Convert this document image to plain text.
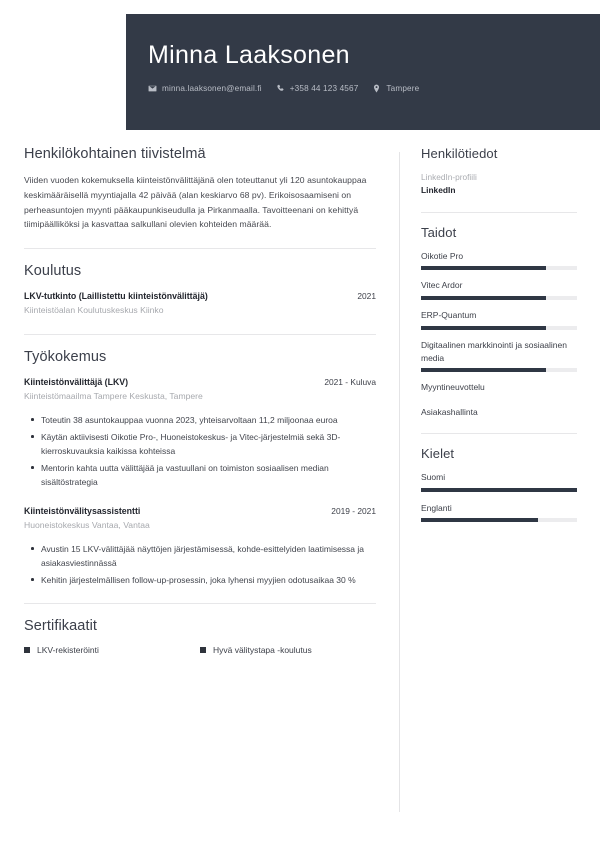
Minna Laaksonen
minna.laaksonen@email.fi	+358 44 123 4567	Tampere
Henkilökohtainen tiivistelmä

Viiden vuoden kokemuksella kiinteistönvälittäjänä olen toteuttanut yli 120 asuntokauppaa keskimääräisellä myyntiajalla 42 päivää (alan keskiarvo 68 pv). Erikoisosaamiseni on perheasuntojen myynti pääkaupunkiseudulla ja Pirkanmaalla. Tavoitteenani on kehittyä tiimipäälliköksi ja kasvattaa salkullani olevien kohteiden määrää.

Koulutus
LKV-tutkinto (Laillistettu kiinteistönvälittäjä)	2021
Kiinteistöalan Koulutuskeskus Kiinko
Työkokemus
Kiinteistönvälittäjä (LKV)	2021 - Kuluva
Kiinteistömaailma Tampere Keskusta, Tampere
Toteutin 38 asuntokauppaa vuonna 2023, yhteisarvoltaan 11,2 miljoonaa euroa
Käytän aktiivisesti Oikotie Pro-, Huoneistokeskus- ja Vitec-järjestelmiä sekä 3D-kierroskuvauksia kaikissa kohteissa
Mentorin kahta uutta välittäjää ja vastuullani on toimiston sosiaalisen median sisältöstrategia
Kiinteistönvälitysassistentti	2019 - 2021
Huoneistokeskus Vantaa, Vantaa
Avustin 15 LKV-välittäjää näyttöjen järjestämisessä, kohde-esittelyiden laatimisessa ja asiakasviestinnässä
Kehitin järjestelmällisen follow-up-prosessin, joka lyhensi myyjien odotusaikaa 30 %
Sertifikaatit
LKV-rekisteröinti	Hyvä välitystapa -koulutus
Henkilötiedot
LinkedIn-profiili
LinkedIn
Taidot
Oikotie Pro
Vitec Ardor
ERP-Quantum
Digitaalinen markkinointi ja sosiaalinen media
Myyntineuvottelu
Asiakashallinta
Kielet
Suomi
Englanti
